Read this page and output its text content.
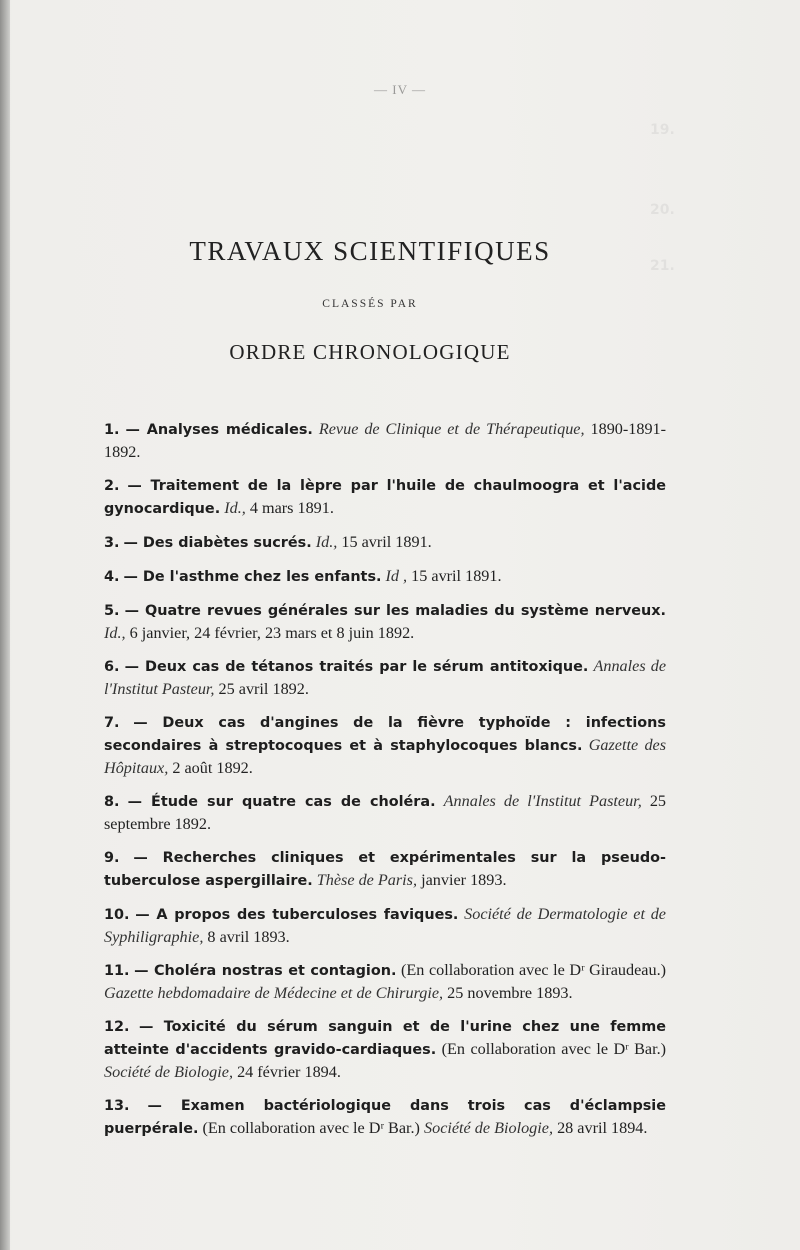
19.
20.
21.
— IV —
TRAVAUX SCIENTIFIQUES
CLASSÉS PAR
ORDRE CHRONOLOGIQUE
1. — Analyses médicales. Revue de Clinique et de Thérapeutique, 1890-1891-1892.
2. — Traitement de la lèpre par l'huile de chaulmoogra et l'acide gynocardique. Id., 4 mars 1891.
3. — Des diabètes sucrés. Id., 15 avril 1891.
4. — De l'asthme chez les enfants. Id , 15 avril 1891.
5. — Quatre revues générales sur les maladies du système nerveux. Id., 6 janvier, 24 février, 23 mars et 8 juin 1892.
6. — Deux cas de tétanos traités par le sérum antitoxique. Annales de l'Institut Pasteur, 25 avril 1892.
7. — Deux cas d'angines de la fièvre typhoïde : infections secondaires à streptocoques et à staphylocoques blancs. Gazette des Hôpitaux, 2 août 1892.
8. — Étude sur quatre cas de choléra. Annales de l'Institut Pasteur, 25 septembre 1892.
9. — Recherches cliniques et expérimentales sur la pseudo-tuberculose aspergillaire. Thèse de Paris, janvier 1893.
10. — A propos des tuberculoses faviques. Société de Dermatologie et de Syphiligraphie, 8 avril 1893.
11. — Choléra nostras et contagion. (En collaboration avec le Dʳ Giraudeau.) Gazette hebdomadaire de Médecine et de Chirurgie, 25 novembre 1893.
12. — Toxicité du sérum sanguin et de l'urine chez une femme atteinte d'accidents gravido-cardiaques. (En collaboration avec le Dʳ Bar.) Société de Biologie, 24 février 1894.
13. — Examen bactériologique dans trois cas d'éclampsie puerpérale. (En collaboration avec le Dʳ Bar.) Société de Biologie, 28 avril 1894.
